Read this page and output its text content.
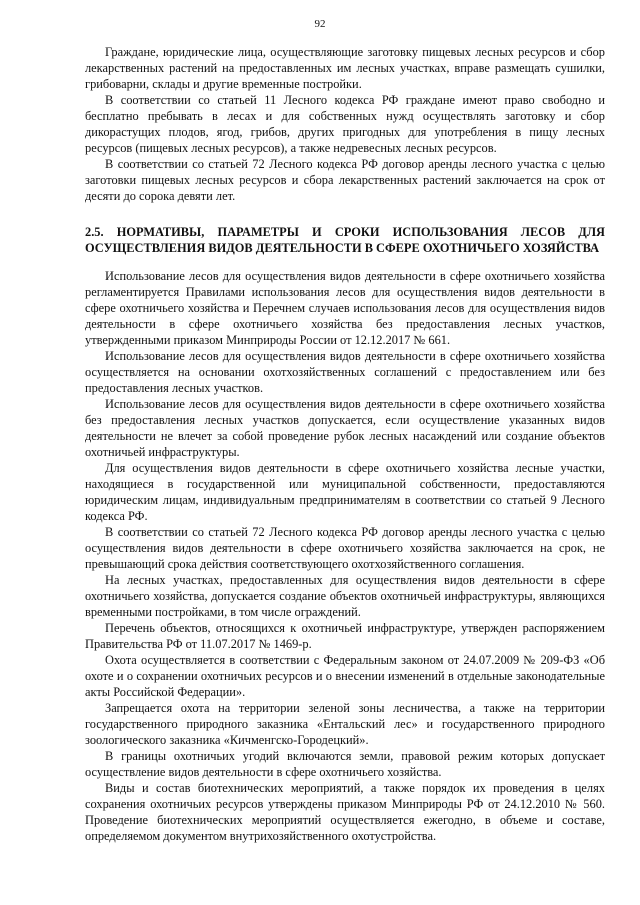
92

Граждане, юридические лица, осуществляющие заготовку пищевых лесных ресурсов и сбор лекарственных растений на предоставленных им лесных участках, вправе размещать сушилки, грибоварни, склады и другие временные постройки.

В соответствии со статьей 11 Лесного кодекса РФ граждане имеют право свободно и бесплатно пребывать в лесах и для собственных нужд осуществлять заготовку и сбор дикорастущих плодов, ягод, грибов, других пригодных для употребления в пищу лесных ресурсов (пищевых лесных ресурсов), а также недревесных лесных ресурсов.

В соответствии со статьей 72 Лесного кодекса РФ договор аренды лесного участка с целью заготовки пищевых лесных ресурсов и сбора лекарственных растений заключается на срок от десяти до сорока девяти лет.

2.5. НОРМАТИВЫ, ПАРАМЕТРЫ И СРОКИ ИСПОЛЬЗОВАНИЯ ЛЕСОВ ДЛЯ ОСУЩЕСТВЛЕНИЯ ВИДОВ ДЕЯТЕЛЬНОСТИ В СФЕРЕ ОХОТНИЧЬЕГО ХОЗЯЙСТВА

Использование лесов для осуществления видов деятельности в сфере охотничьего хозяйства регламентируется Правилами использования лесов для осуществления видов деятельности в сфере охотничьего хозяйства и Перечнем случаев использования лесов для осуществления видов деятельности в сфере охотничьего хозяйства без предоставления лесных участков, утвержденными приказом Минприроды России от 12.12.2017 № 661.

Использование лесов для осуществления видов деятельности в сфере охотничьего хозяйства осуществляется на основании охотхозяйственных соглашений с предоставлением или без предоставления лесных участков.

Использование лесов для осуществления видов деятельности в сфере охотничьего хозяйства без предоставления лесных участков допускается, если осуществление указанных видов деятельности не влечет за собой проведение рубок лесных насаждений или создание объектов охотничьей инфраструктуры.

Для осуществления видов деятельности в сфере охотничьего хозяйства лесные участки, находящиеся в государственной или муниципальной собственности, предоставляются юридическим лицам, индивидуальным предпринимателям в соответствии со статьей 9 Лесного кодекса РФ.

В соответствии со статьей 72 Лесного кодекса РФ договор аренды лесного участка с целью осуществления видов деятельности в сфере охотничьего хозяйства заключается на срок, не превышающий срока действия соответствующего охотхозяйственного соглашения.

На лесных участках, предоставленных для осуществления видов деятельности в сфере охотничьего хозяйства, допускается создание объектов охотничьей инфраструктуры, являющихся временными постройками, в том числе ограждений.

Перечень объектов, относящихся к охотничьей инфраструктуре, утвержден распоряжением Правительства РФ от 11.07.2017 № 1469-р.

Охота осуществляется в соответствии с Федеральным законом от 24.07.2009 № 209-ФЗ «Об охоте и о сохранении охотничьих ресурсов и о внесении изменений в отдельные законодательные акты Российской Федерации».

Запрещается охота на территории зеленой зоны лесничества, а также на территории государственного природного заказника «Ентальский лес» и государственного природного зоологического заказника «Кичменгско-Городецкий».

В границы охотничьих угодий включаются земли, правовой режим которых допускает осуществление видов деятельности в сфере охотничьего хозяйства.

Виды и состав биотехнических мероприятий, а также порядок их проведения в целях сохранения охотничьих ресурсов утверждены приказом Минприроды РФ от 24.12.2010 № 560. Проведение биотехнических мероприятий осуществляется ежегодно, в объеме и составе, определяемом документом внутрихозяйственного охотустройства.
